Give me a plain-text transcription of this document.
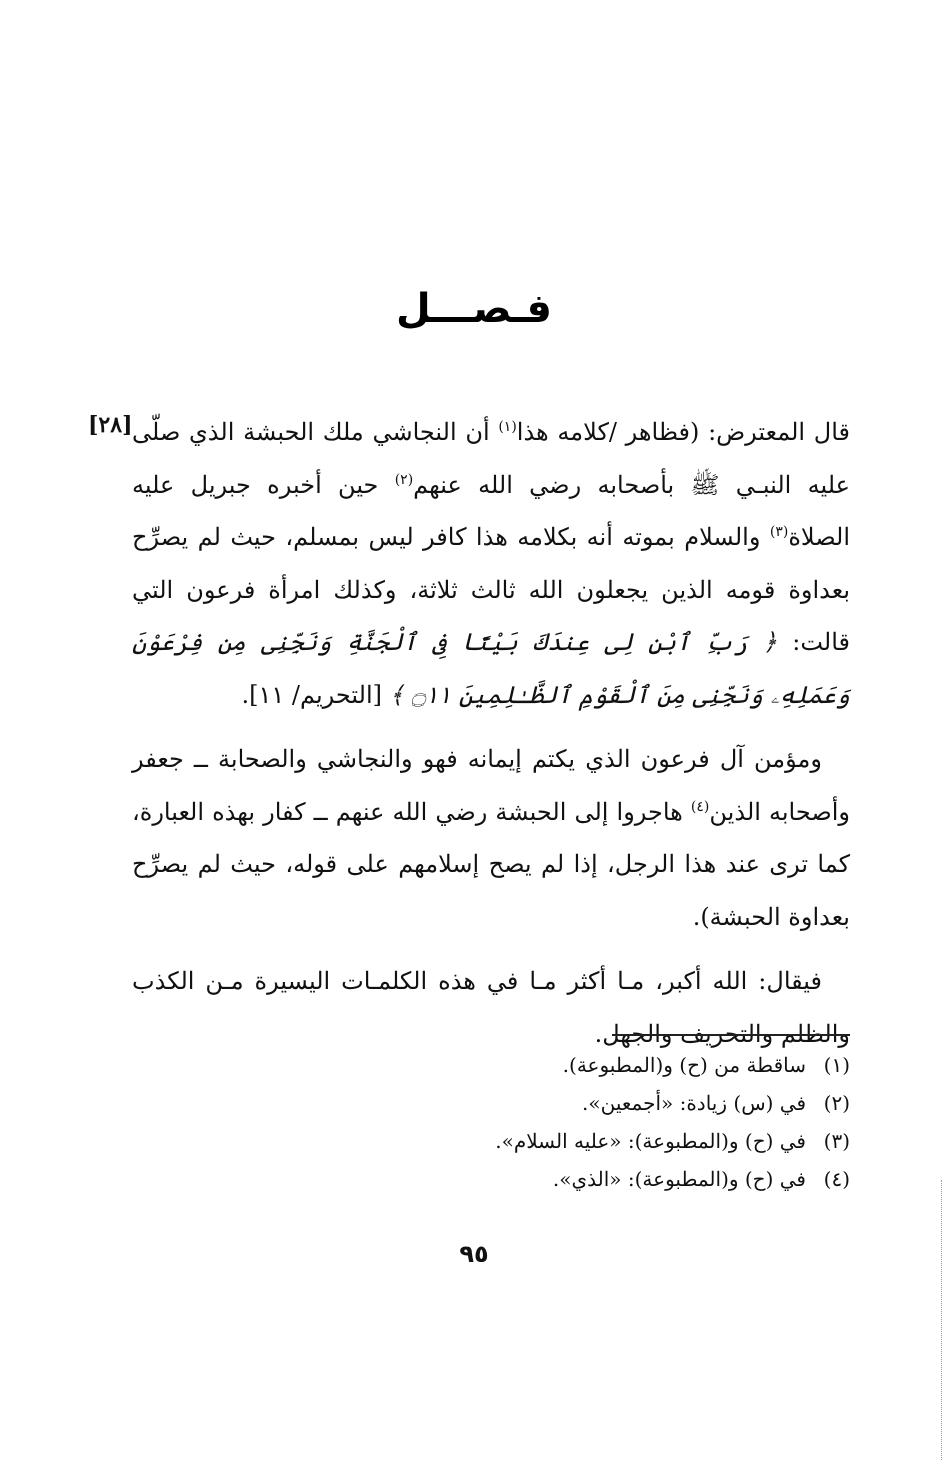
فـصـــل
[٢٨]	قال المعترض: (فظاهر /كلامه هذا$^{(١)}$ أن النجاشي ملك الحبشة الذي صلّى عليه النبـي ﷺ بأصحابه رضي الله عنهم$^{(٢)}$ حين أخبره جبريل عليه الصلاة$^{(٣)}$ والسلام بموته أنه بكلامه هذا كافر ليس بمسلم، حيث لم يصرِّح بعداوة قومه الذين يجعلون الله ثالث ثلاثة، وكذلك امرأة فرعون التي قالت: ﴿ رَبِّ ٱبْنِ لِى عِندَكَ بَيْتًا فِى ٱلْجَنَّةِ وَنَجِّنِى مِن فِرْعَوْنَ وَعَمَلِهِۦ وَنَجِّنِى مِنَ ٱلْقَوْمِ ٱلظَّـٰلِمِينَ ۝١١ ﴾ [التحريم/ ١١].

ومؤمن آل فرعون الذي يكتم إيمانه فهو والنجاشي والصحابة ــ جعفر وأصحابه الذين$^{(٤)}$ هاجروا إلى الحبشة رضي الله عنهم ــ كفار بهذه العبارة، كما ترى عند هذا الرجل، إذا لم يصح إسلامهم على قوله، حيث لم يصرِّح بعداوة الحبشة).

فيقال: الله أكبر، مـا أكثر مـا في هذه الكلمـات اليسيرة مـن الكذب والظلم والتحريف والجهل.

(١)
ساقطة من (ح) و(المطبوعة).
(٢)
في (س) زيادة: «أجمعين».
(٣)
في (ح) و(المطبوعة): «عليه السلام».
(٤)
في (ح) و(المطبوعة): «الذي».
٩٥
